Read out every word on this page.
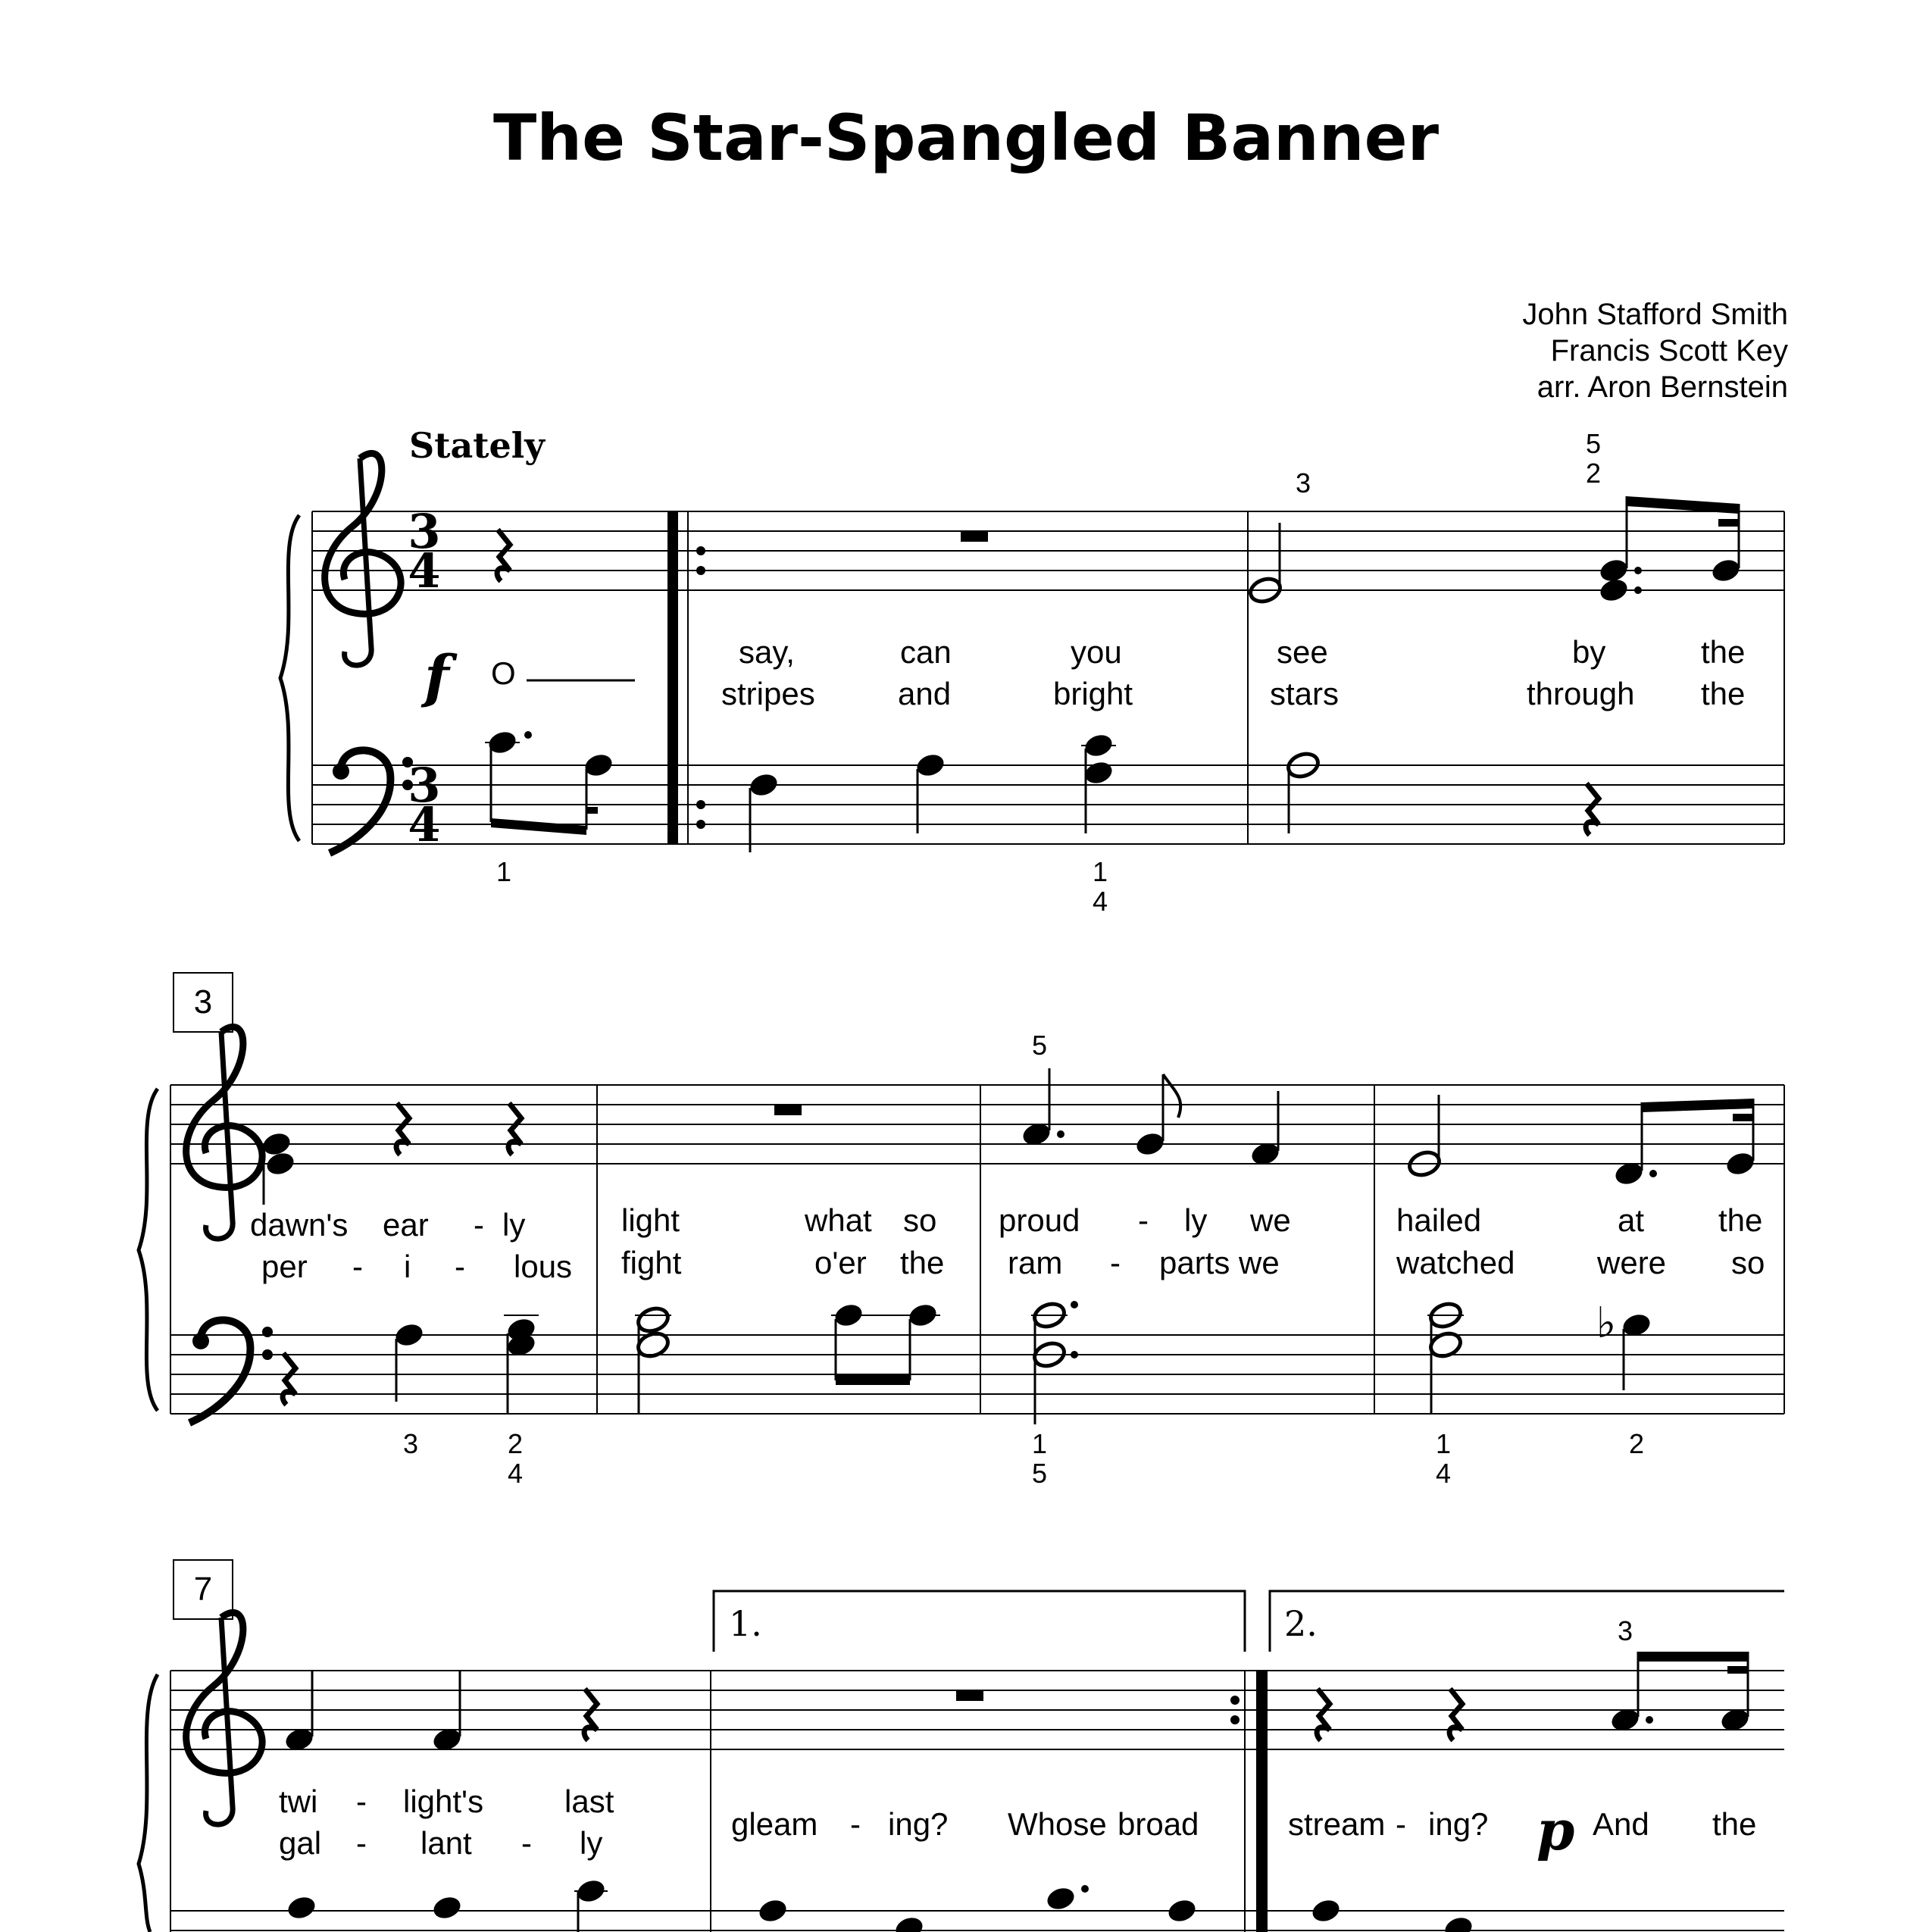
The Star-Spangled Banner
John Stafford Smith
Francis Scott Key
arr. Aron Bernstein
Stately
3
4
3
4
♭
3
7
1.	2.
f
p
O
3
5
2
1	1
4
say,	can	you	see	by	the
stripes	and	bright	stars	through the
5
3	2
4
1
5
1
4
2
dawn's ear - ly	light	what so proud - ly we	hailed	at the
per - i - lous fight	o'er the ram - parts we	watched	were so
3
twi - light's	last
gal - lant - ly
gleam - ing? Whose broad	stream - ing?	And the
